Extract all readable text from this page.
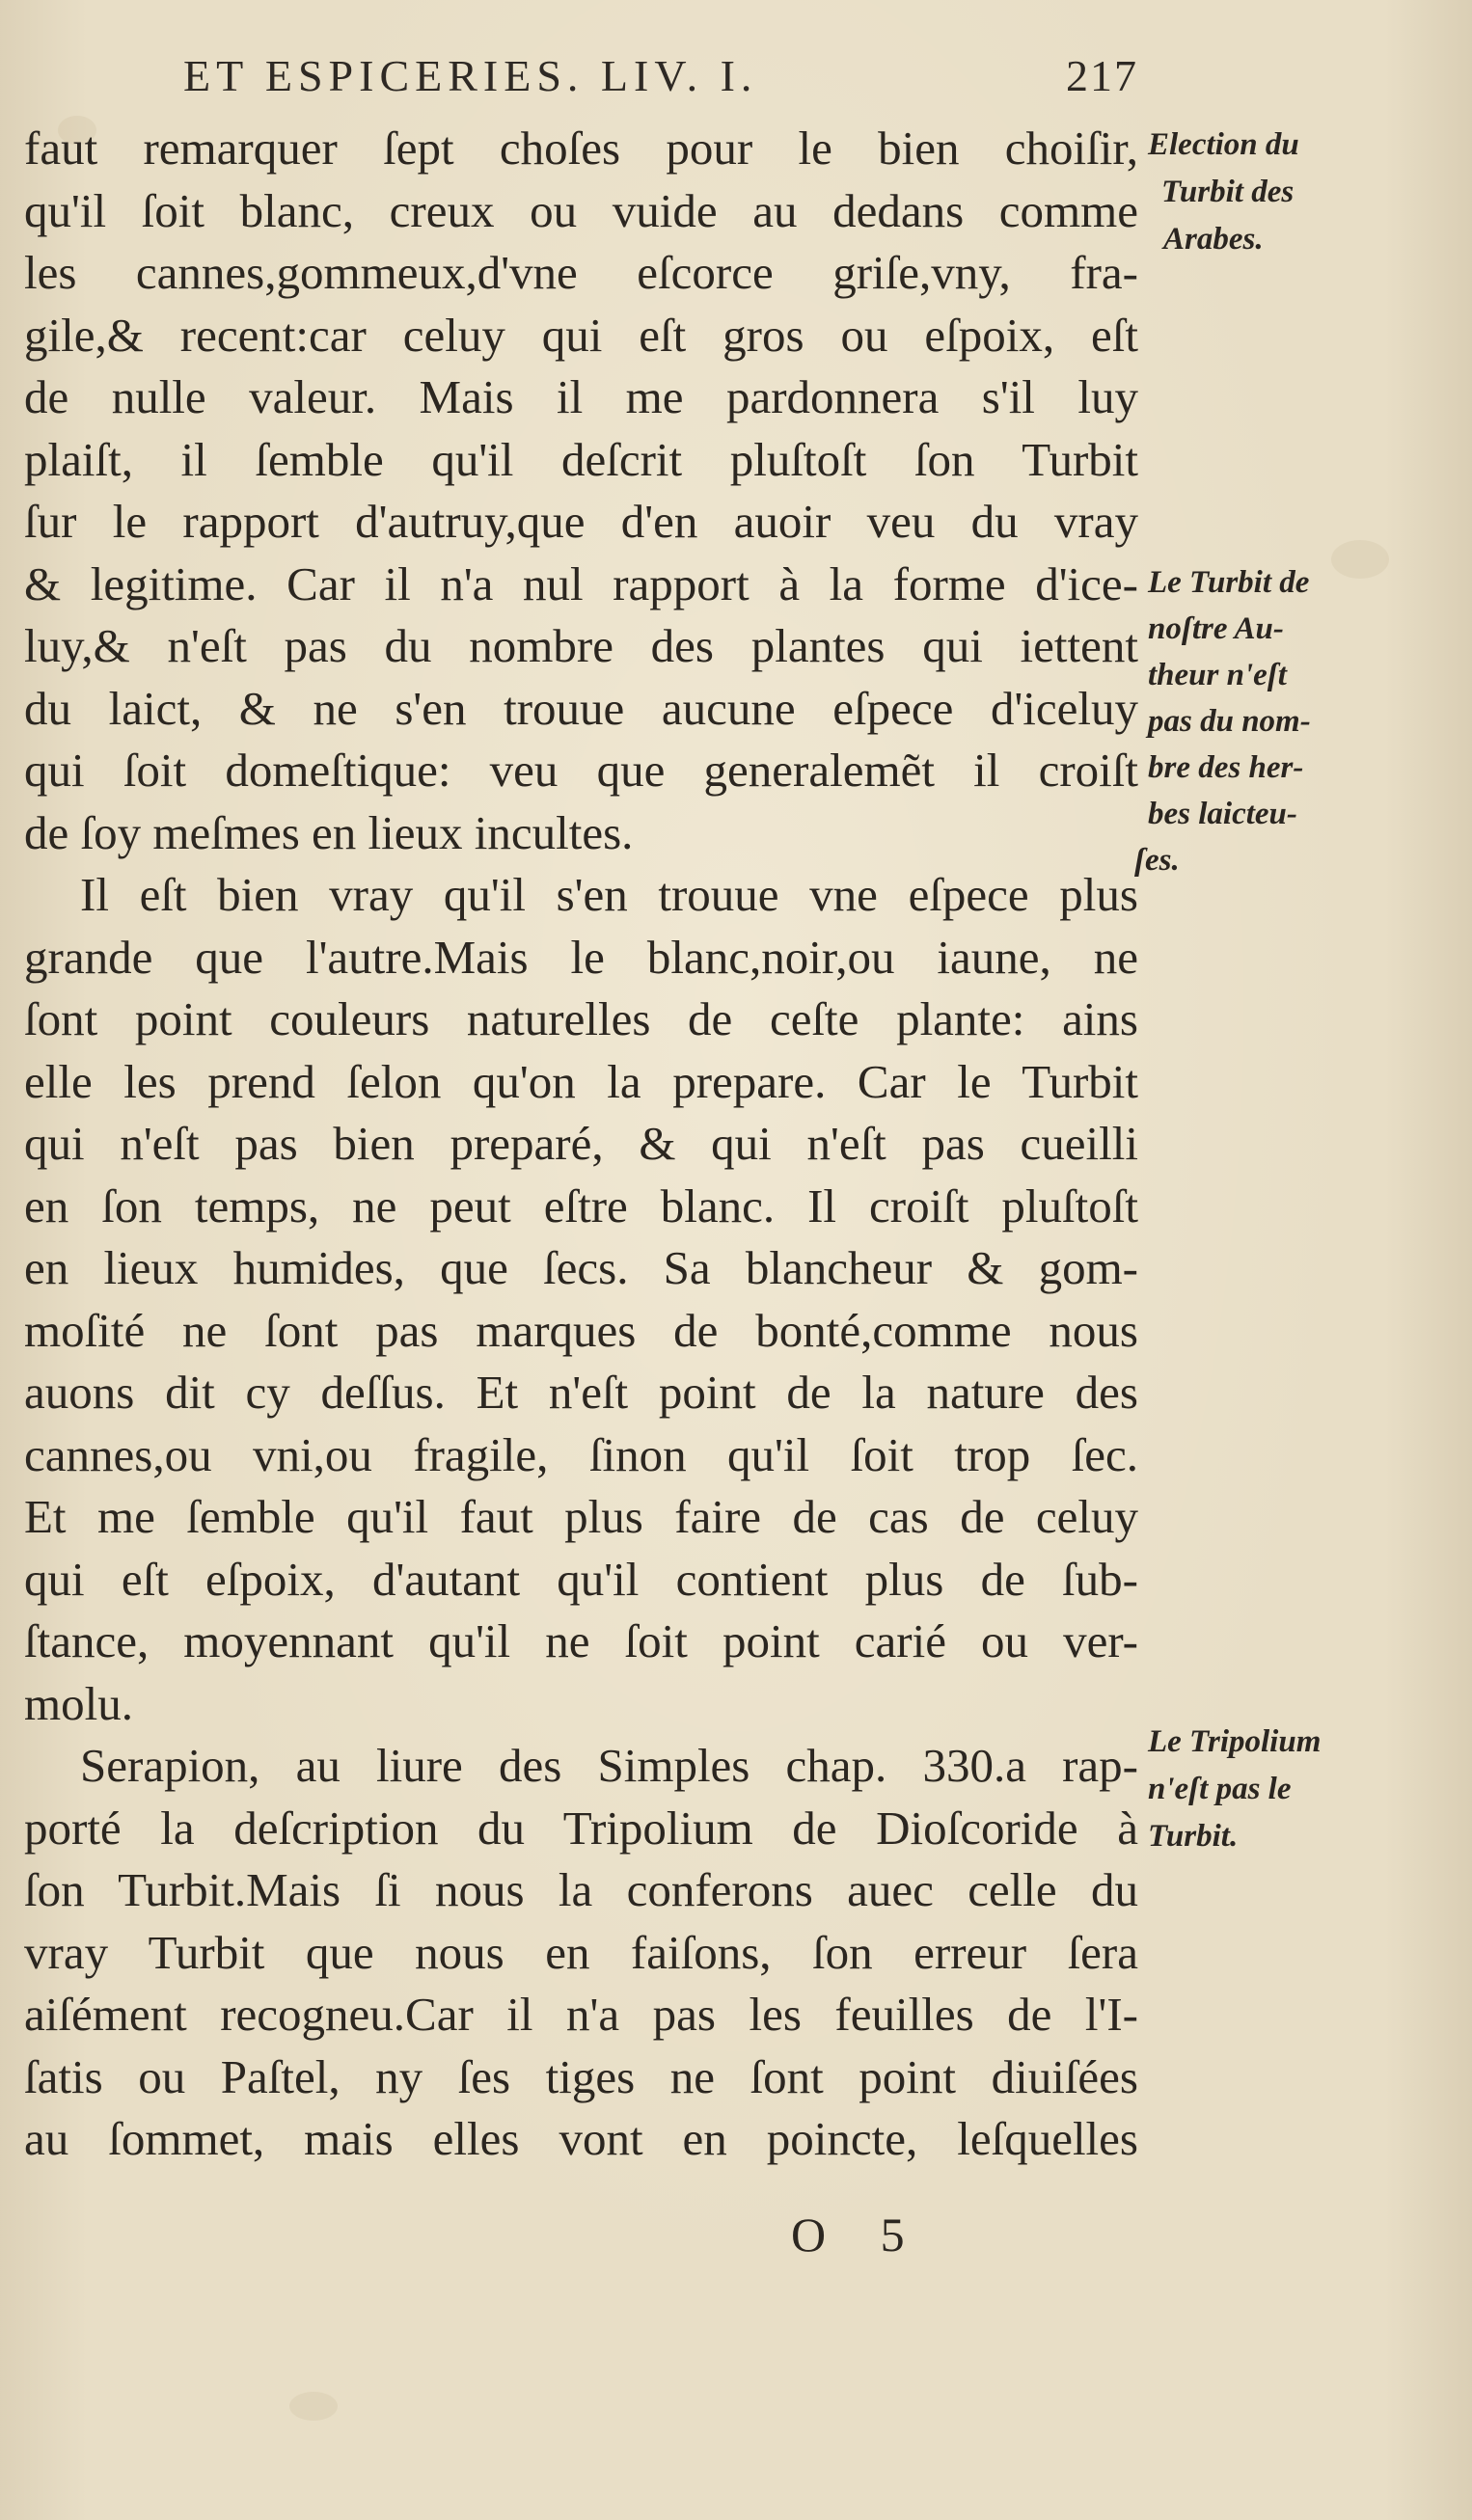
ET ESPICERIES. LIV. I.	217
faut remarquer ſept choſes pour le bien choiſir,
qu'il ſoit blanc, creux ou vuide au dedans comme
les cannes,gommeux,d'vne eſcorce griſe,vny, fra-
gile,& recent:car celuy qui eſt gros ou eſpoix, eſt
de nulle valeur. Mais il me pardonnera s'il luy
plaiſt, il ſemble qu'il deſcrit pluſtoſt ſon Turbit
ſur le rapport d'autruy,que d'en auoir veu du vray
& legitime. Car il n'a nul rapport à la forme d'ice-
luy,& n'eſt pas du nombre des plantes qui iettent
du laict, & ne s'en trouue aucune eſpece d'iceluy
qui ſoit domeſtique: veu que generalemẽt il croiſt
de ſoy meſmes en lieux incultes.
Il eſt bien vray qu'il s'en trouue vne eſpece plus
grande que l'autre.Mais le blanc,noir,ou iaune, ne
ſont point couleurs naturelles de ceſte plante: ains
elle les prend ſelon qu'on la prepare. Car le Turbit
qui n'eſt pas bien preparé, & qui n'eſt pas cueilli
en ſon temps, ne peut eſtre blanc. Il croiſt pluſtoſt
en lieux humides, que ſecs. Sa blancheur & gom-
moſité ne ſont pas marques de bonté,comme nous
auons dit cy deſſus. Et n'eſt point de la nature des
cannes,ou vni,ou fragile, ſinon qu'il ſoit trop ſec.
Et me ſemble qu'il faut plus faire de cas de celuy
qui eſt eſpoix, d'autant qu'il contient plus de ſub-
ſtance, moyennant qu'il ne ſoit point carié ou ver-
molu.
Serapion, au liure des Simples chap. 330.a rap-
porté la deſcription du Tripolium de Dioſcoride à
ſon Turbit.Mais ſi nous la conferons auec celle du
vray Turbit que nous en faiſons, ſon erreur ſera
aiſément recogneu.Car il n'a pas les feuilles de l'I-
ſatis ou Paſtel, ny ſes tiges ne ſont point diuiſées
au ſommet, mais elles vont en poincte, leſquelles
Election du
Turbit des
Arabes.
Le Turbit de
noſtre Au-
theur n'eſt
pas du nom-
bre des her-
bes laicteu-
ſes.
Le Tripolium
n'eſt pas le
Turbit.
O 5
